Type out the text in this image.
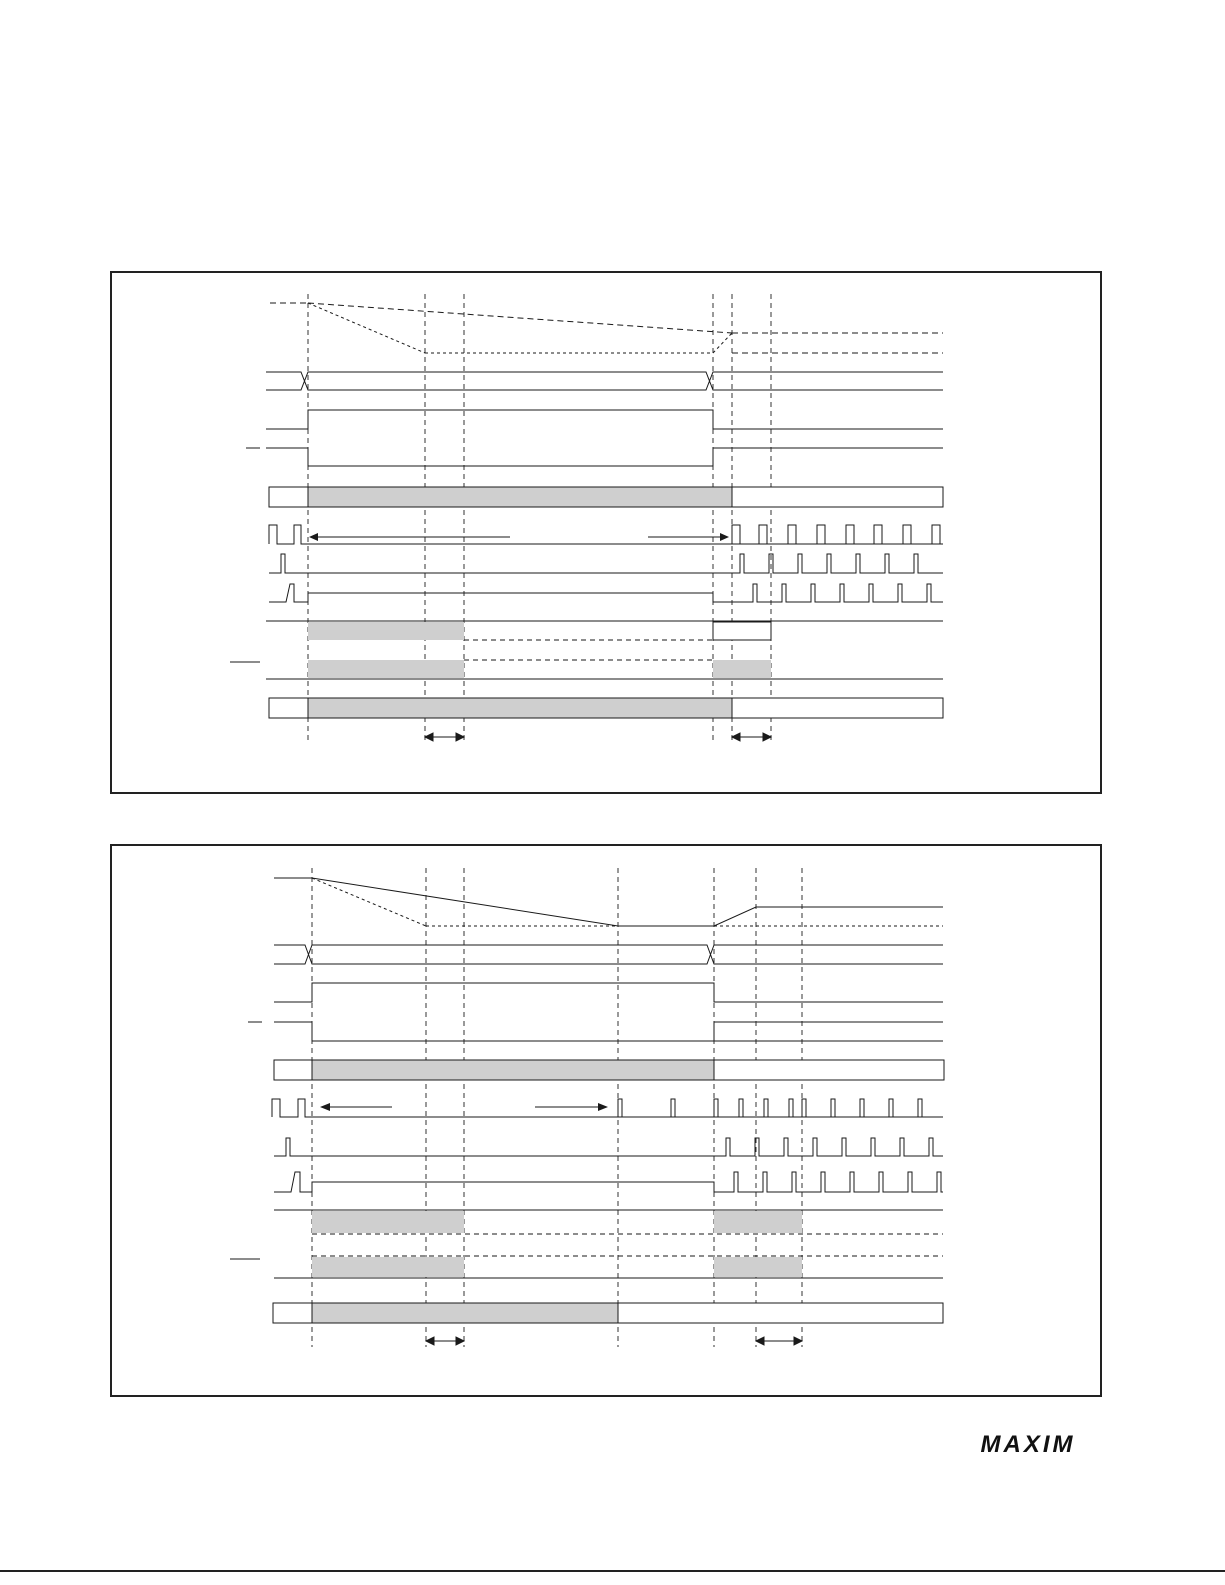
MAXIM
